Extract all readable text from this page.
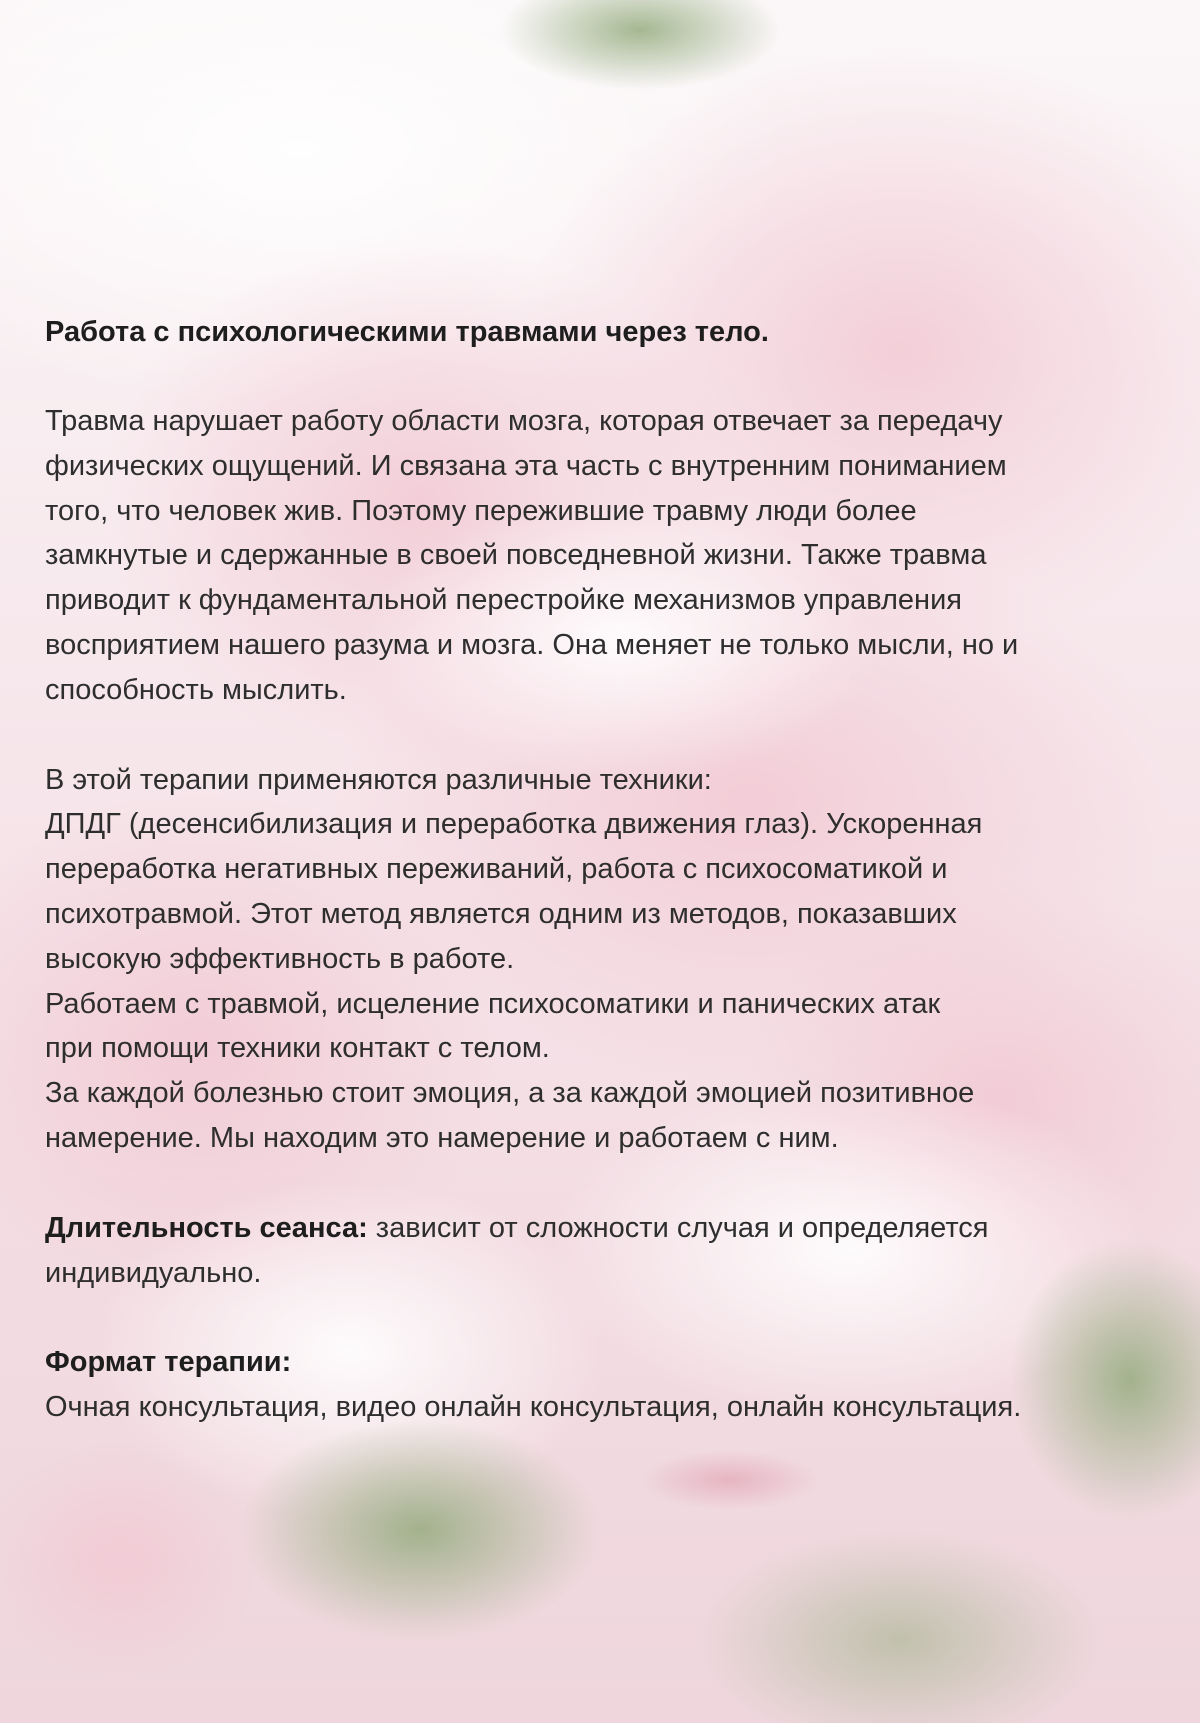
Работа с психологическими травмами через тело.
Травма нарушает работу области мозга, которая отвечает за передачу
физических ощущений. И связана эта часть с внутренним пониманием
того, что человек жив. Поэтому пережившие травму люди более
замкнутые и сдержанные в своей повседневной жизни. Также травма
приводит к фундаментальной перестройке механизмов управления
восприятием нашего разума и мозга. Она меняет не только мысли, но и
способность мыслить.
В этой терапии применяются различные техники:
ДПДГ (десенсибилизация и переработка движения глаз). Ускоренная
переработка негативных переживаний, работа с психосоматикой и
психотравмой. Этот метод является одним из методов, показавших
высокую эффективность в работе.
Работаем с травмой, исцеление психосоматики и панических атак
при помощи техники контакт с телом.
За каждой болезнью стоит эмоция, а за каждой эмоцией позитивное
намерение. Мы находим это намерение и работаем с ним.
Длительность сеанса: зависит от сложности случая и определяется
индивидуально.
Формат терапии:
Очная консультация, видео онлайн консультация, онлайн консультация.
